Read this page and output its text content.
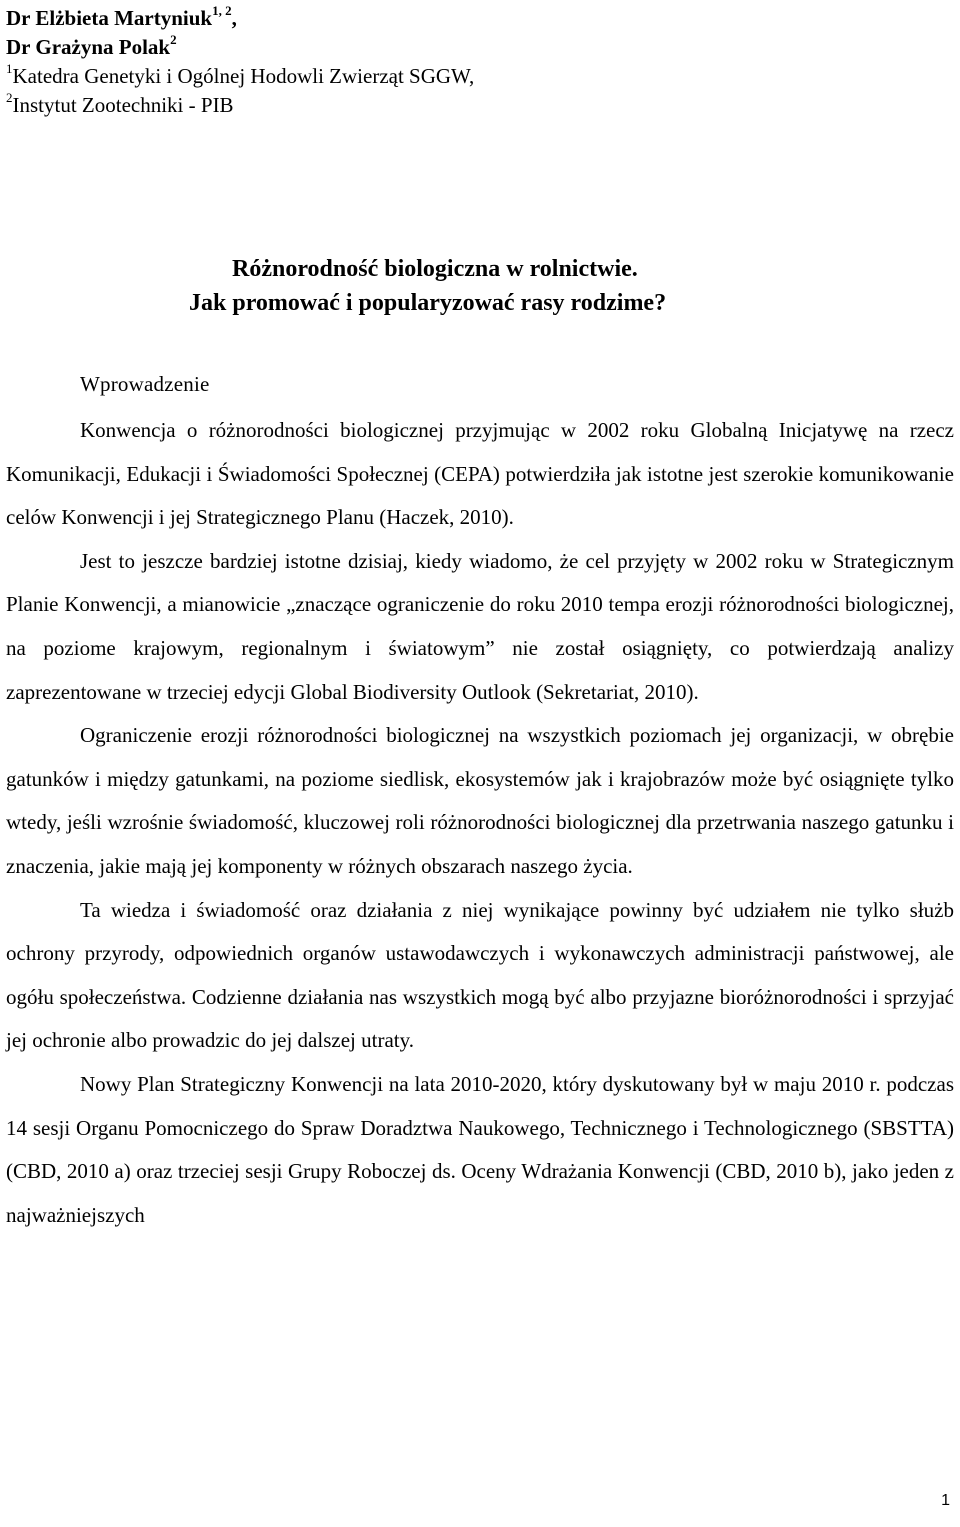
Dr Elżbieta Martyniuk$^{1, 2}$,
Dr Grażyna Polak$^2$
$^1$Katedra Genetyki i Ogólnej Hodowli Zwierząt SGGW,
$^2$Instytut Zootechniki - PIB
Różnorodność biologiczna w rolnictwie.
Jak promować i popularyzować rasy rodzime?
Wprowadzenie

Konwencja o różnorodności biologicznej przyjmując w 2002 roku Globalną Inicjatywę na rzecz Komunikacji, Edukacji i Świadomości Społecznej (CEPA) potwierdziła jak istotne jest szerokie komunikowanie celów Konwencji i jej Strategicznego Planu (Haczek, 2010).

Jest to jeszcze bardziej istotne dzisiaj, kiedy wiadomo, że cel przyjęty w 2002 roku w Strategicznym Planie Konwencji, a mianowicie „znaczące ograniczenie do roku 2010 tempa erozji różnorodności biologicznej, na poziome krajowym, regionalnym i światowym” nie został osiągnięty, co potwierdzają analizy zaprezentowane w trzeciej edycji Global Biodiversity Outlook (Sekretariat, 2010).

Ograniczenie erozji różnorodności biologicznej na wszystkich poziomach jej organizacji, w obrębie gatunków i między gatunkami, na poziome siedlisk, ekosystemów jak i krajobrazów może być osiągnięte tylko wtedy, jeśli wzrośnie świadomość, kluczowej roli różnorodności biologicznej dla przetrwania naszego gatunku i znaczenia, jakie mają jej komponenty w różnych obszarach naszego życia.

Ta wiedza i świadomość oraz działania z niej wynikające powinny być udziałem nie tylko służb ochrony przyrody, odpowiednich organów ustawodawczych i wykonawczych administracji państwowej, ale ogółu społeczeństwa. Codzienne działania nas wszystkich mogą być albo przyjazne bioróżnorodności i sprzyjać jej ochronie albo prowadzic do jej dalszej utraty.

Nowy Plan Strategiczny Konwencji na lata 2010-2020, który dyskutowany był w maju 2010 r. podczas 14 sesji Organu Pomocniczego do Spraw Doradztwa Naukowego, Technicznego i Technologicznego (SBSTTA) (CBD, 2010 a) oraz trzeciej sesji Grupy Roboczej ds. Oceny Wdrażania Konwencji (CBD, 2010 b), jako jeden z najważniejszych

1
